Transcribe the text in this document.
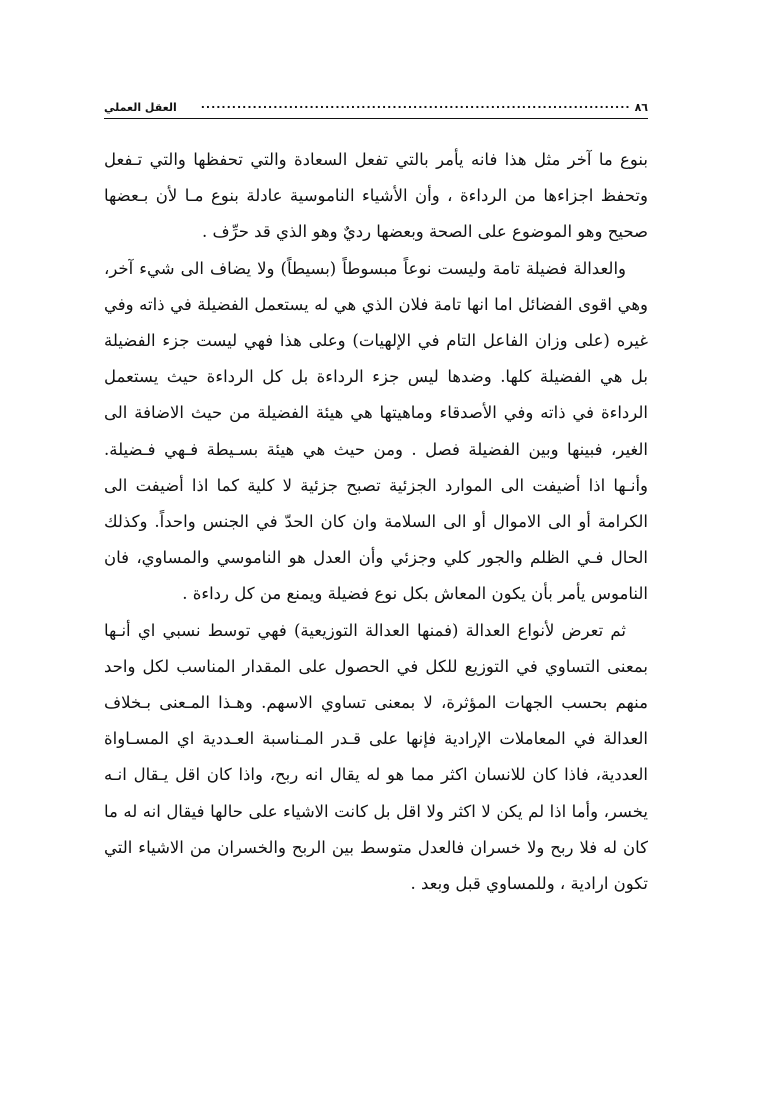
٨٦
...................................................................................
العقل العملي

بنوع ما آخر مثل هذا فانه يأمر بالتي تفعل السعادة والتي تحفظها والتي تـفعل وتحفظ اجزاءها من الرداءة ، وأن الأشياء الناموسية عادلة بنوع مـا لأن بـعضها صحيح وهو الموضوع على الصحة وبعضها رديٌ وهو الذي قد حرِّف .

والعدالة فضيلة تامة وليست نوعاً مبسوطاً (بسيطاً) ولا يضاف الى شيء آخر، وهي اقوى الفضائل اما انها تامة فلان الذي هي له يستعمل الفضيلة في ذاته وفي غيره (على وزان الفاعل التام في الإلهيات) وعلى هذا فهي ليست جزء الفضيلة بل هي الفضيلة كلها. وضدها ليس جزء الرداءة بل كل الرداءة حيث يستعمل الرداءة في ذاته وفي الأصدقاء وماهيتها هي هيئة الفضيلة من حيث الاضافة الى الغير، فبينها وبين الفضيلة فصل . ومن حيث هي هيئة بسـيطة فـهي فـضيلة. وأنـها اذا أضيفت الى الموارد الجزئية تصبح جزئية لا كلية كما اذا أضيفت الى الكرامة أو الى الاموال أو الى السلامة وان كان الحدّ في الجنس واحداً. وكذلك الحال فـي الظلم والجور كلي وجزئي وأن العدل هو الناموسي والمساوي، فان الناموس يأمر بأن يكون المعاش بكل نوع فضيلة ويمنع من كل رداءة .

ثم تعرض لأنواع العدالة (فمنها العدالة التوزيعية) فهي توسط نسبي اي أنـها بمعنى التساوي في التوزيع للكل في الحصول على المقدار المناسب لكل واحد منهم بحسب الجهات المؤثرة، لا بمعنى تساوي الاسهم. وهـذا المـعنى بـخلاف العدالة في المعاملات الإرادية فإنها على قـدر المـناسبة العـددية اي المسـاواة العددية، فاذا كان للانسان اكثر مما هو له يقال انه ربح، واذا كان اقل يـقال انـه يخسر، وأما اذا لم يكن لا اكثر ولا اقل بل كانت الاشياء على حالها فيقال انه له ما كان له فلا ربح ولا خسران فالعدل متوسط بين الربح والخسران من الاشياء التي تكون ارادية ، وللمساوي قبل وبعد .
